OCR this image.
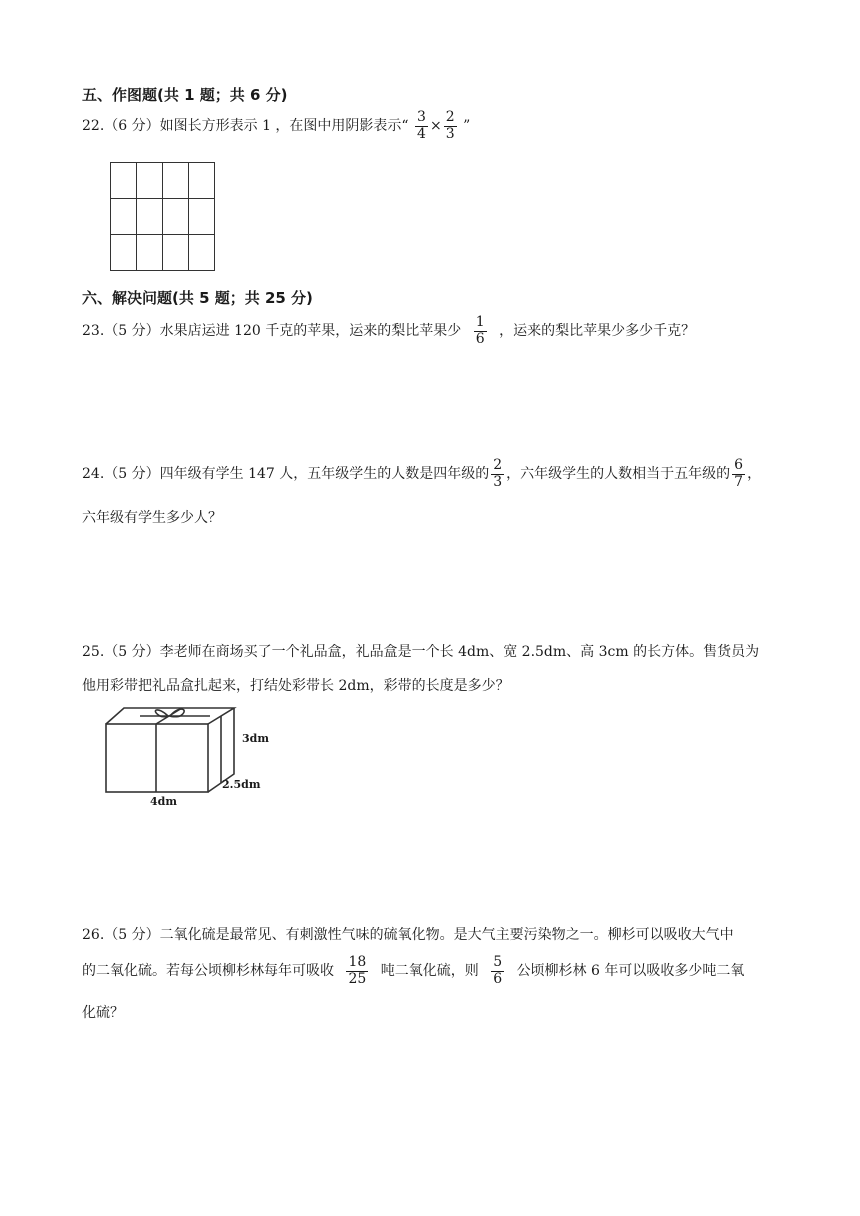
五、作图题(共 1 题；共 6 分)
22.（6 分）如图长方形表示 1 ，在图中用阴影表示“ $\frac{3}{4} \times \frac{2}{3}$ ”
六、解决问题(共 5 题；共 25 分)
23.（5 分）水果店运进 120 千克的苹果，运来的梨比苹果少 $\frac{1}{6}$ ，运来的梨比苹果少多少千克？
24.（5 分）四年级有学生 147 人，五年级学生的人数是四年级的 $\frac{2}{3}$ ，六年级学生的人数相当于五年级的 $\frac{6}{7}$ ，
六年级有学生多少人？
25.（5 分）李老师在商场买了一个礼品盒，礼品盒是一个长 4dm、宽 2.5dm、高 3cm 的长方体。售货员为
他用彩带把礼品盒扎起来，打结处彩带长 2dm，彩带的长度是多少？
3dm
2.5dm
4dm
26.（5 分）二氧化硫是最常见、有刺激性气味的硫氧化物。是大气主要污染物之一。柳杉可以吸收大气中
的二氧化硫。若每公顷柳杉林每年可吸收 $\frac{18}{25}$ 吨二氧化硫，则 $\frac{5}{6}$ 公顷柳杉林 6 年可以吸收多少吨二氧
化硫？
